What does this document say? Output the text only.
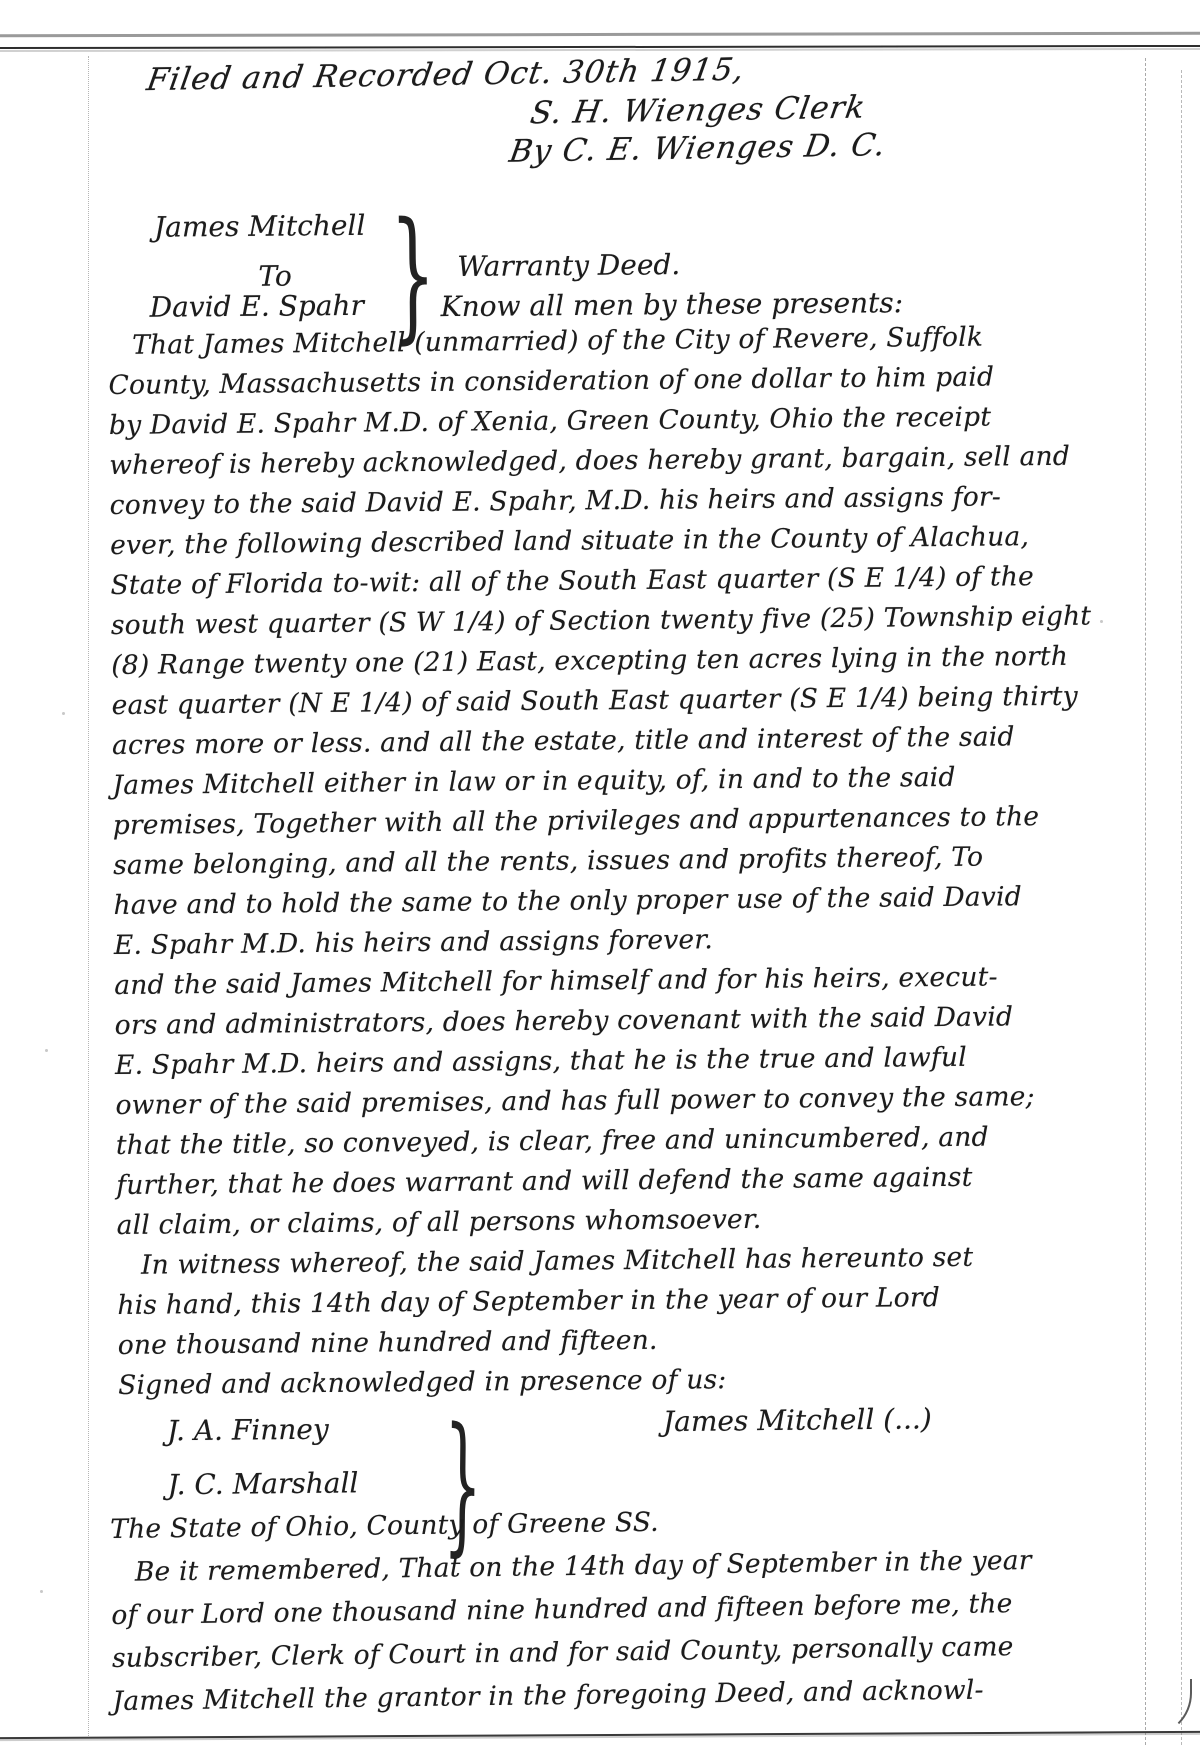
Filed and Recorded Oct. 30th 1915,
S. H. Wienges Clerk
By C. E. Wienges D. C.
James Mitchell
To
David E. Spahr } Warranty Deed.
Know all men by these presents:
That James Mitchell (unmarried) of the City of Revere, Suffolk
County, Massachusetts in consideration of one dollar to him paid
by David E. Spahr M.D. of Xenia, Green County, Ohio the receipt
whereof is hereby acknowledged, does hereby grant, bargain, sell and
convey to the said David E. Spahr, M.D. his heirs and assigns for-
ever, the following described land situate in the County of Alachua,
State of Florida to-wit: all of the South East quarter (S E 1/4) of the
south west quarter (S W 1/4) of Section twenty five (25) Township eight
(8) Range twenty one (21) East, excepting ten acres lying in the north
east quarter (N E 1/4) of said South East quarter (S E 1/4) being thirty
acres more or less. and all the estate, title and interest of the said
James Mitchell either in law or in equity, of, in and to the said
premises, Together with all the privileges and appurtenances to the
same belonging, and all the rents, issues and profits thereof, To
have and to hold the same to the only proper use of the said David
E. Spahr M.D. his heirs and assigns forever.
and the said James Mitchell for himself and for his heirs, execut-
ors and administrators, does hereby covenant with the said David
E. Spahr M.D. heirs and assigns, that he is the true and lawful
owner of the said premises, and has full power to convey the same;
that the title, so conveyed, is clear, free and unincumbered, and
further, that he does warrant and will defend the same against
all claim, or claims, of all persons whomsoever.
In witness whereof, the said James Mitchell has hereunto set
his hand, this 14th day of September in the year of our Lord
one thousand nine hundred and fifteen.
Signed and acknowledged in presence of us:
J. A. Finney
J. C. Marshall }	James Mitchell (...)
The State of Ohio, County of Greene SS.
Be it remembered, That on the 14th day of September in the year
of our Lord one thousand nine hundred and fifteen before me, the
subscriber, Clerk of Court in and for said County, personally came
James Mitchell the grantor in the foregoing Deed, and acknowl-
